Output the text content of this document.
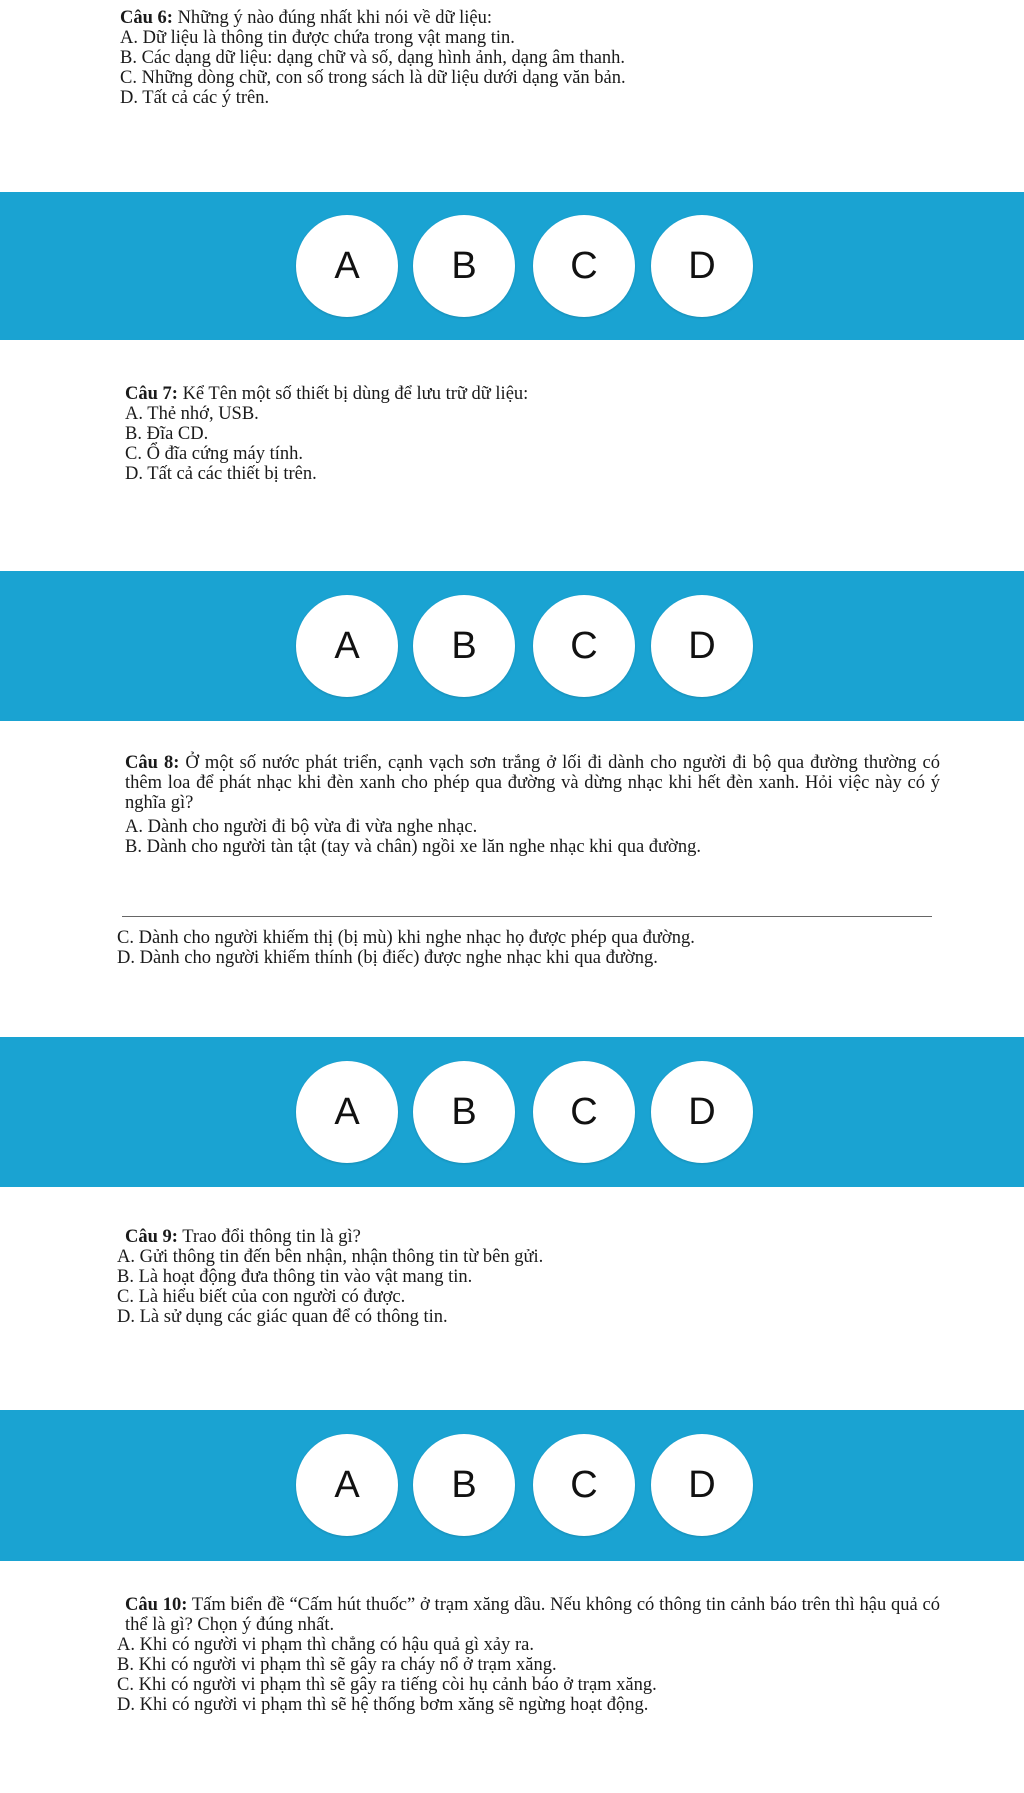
Câu 6: Những ý nào đúng nhất khi nói về dữ liệu:
A. Dữ liệu là thông tin được chứa trong vật mang tin.
B. Các dạng dữ liệu: dạng chữ và số, dạng hình ảnh, dạng âm thanh.
C. Những dòng chữ, con số trong sách là dữ liệu dưới dạng văn bản.
D. Tất cả các ý trên.
A	B	C	D
Câu 7: Kể Tên một số thiết bị dùng để lưu trữ dữ liệu:
A. Thẻ nhớ, USB.
B. Đĩa CD.
C. Ổ đĩa cứng máy tính.
D. Tất cả các thiết bị trên.
A	B	C	D
Câu 8: Ở một số nước phát triển, cạnh vạch sơn trắng ở lối đi dành cho người đi bộ qua đường thường có thêm loa để phát nhạc khi đèn xanh cho phép qua đường và dừng nhạc khi hết đèn xanh. Hỏi việc này có ý nghĩa gì?
A. Dành cho người đi bộ vừa đi vừa nghe nhạc.
B. Dành cho người tàn tật (tay và chân) ngồi xe lăn nghe nhạc khi qua đường.
C. Dành cho người khiếm thị (bị mù) khi nghe nhạc họ được phép qua đường.
D. Dành cho người khiếm thính (bị điếc) được nghe nhạc khi qua đường.
A	B	C	D
Câu 9: Trao đổi thông tin là gì?
A. Gửi thông tin đến bên nhận, nhận thông tin từ bên gửi.
B. Là hoạt động đưa thông tin vào vật mang tin.
C. Là hiểu biết của con người có được.
D. Là sử dụng các giác quan để có thông tin.
A	B	C	D
Câu 10: Tấm biển đề “Cấm hút thuốc” ở trạm xăng dầu. Nếu không có thông tin cảnh báo trên thì hậu quả có thể là gì? Chọn ý đúng nhất.
A. Khi có người vi phạm thì chẳng có hậu quả gì xảy ra.
B. Khi có người vi phạm thì sẽ gây ra cháy nổ ở trạm xăng.
C. Khi có người vi phạm thì sẽ gây ra tiếng còi hụ cảnh báo ở trạm xăng.
D. Khi có người vi phạm thì sẽ hệ thống bơm xăng sẽ ngừng hoạt động.
